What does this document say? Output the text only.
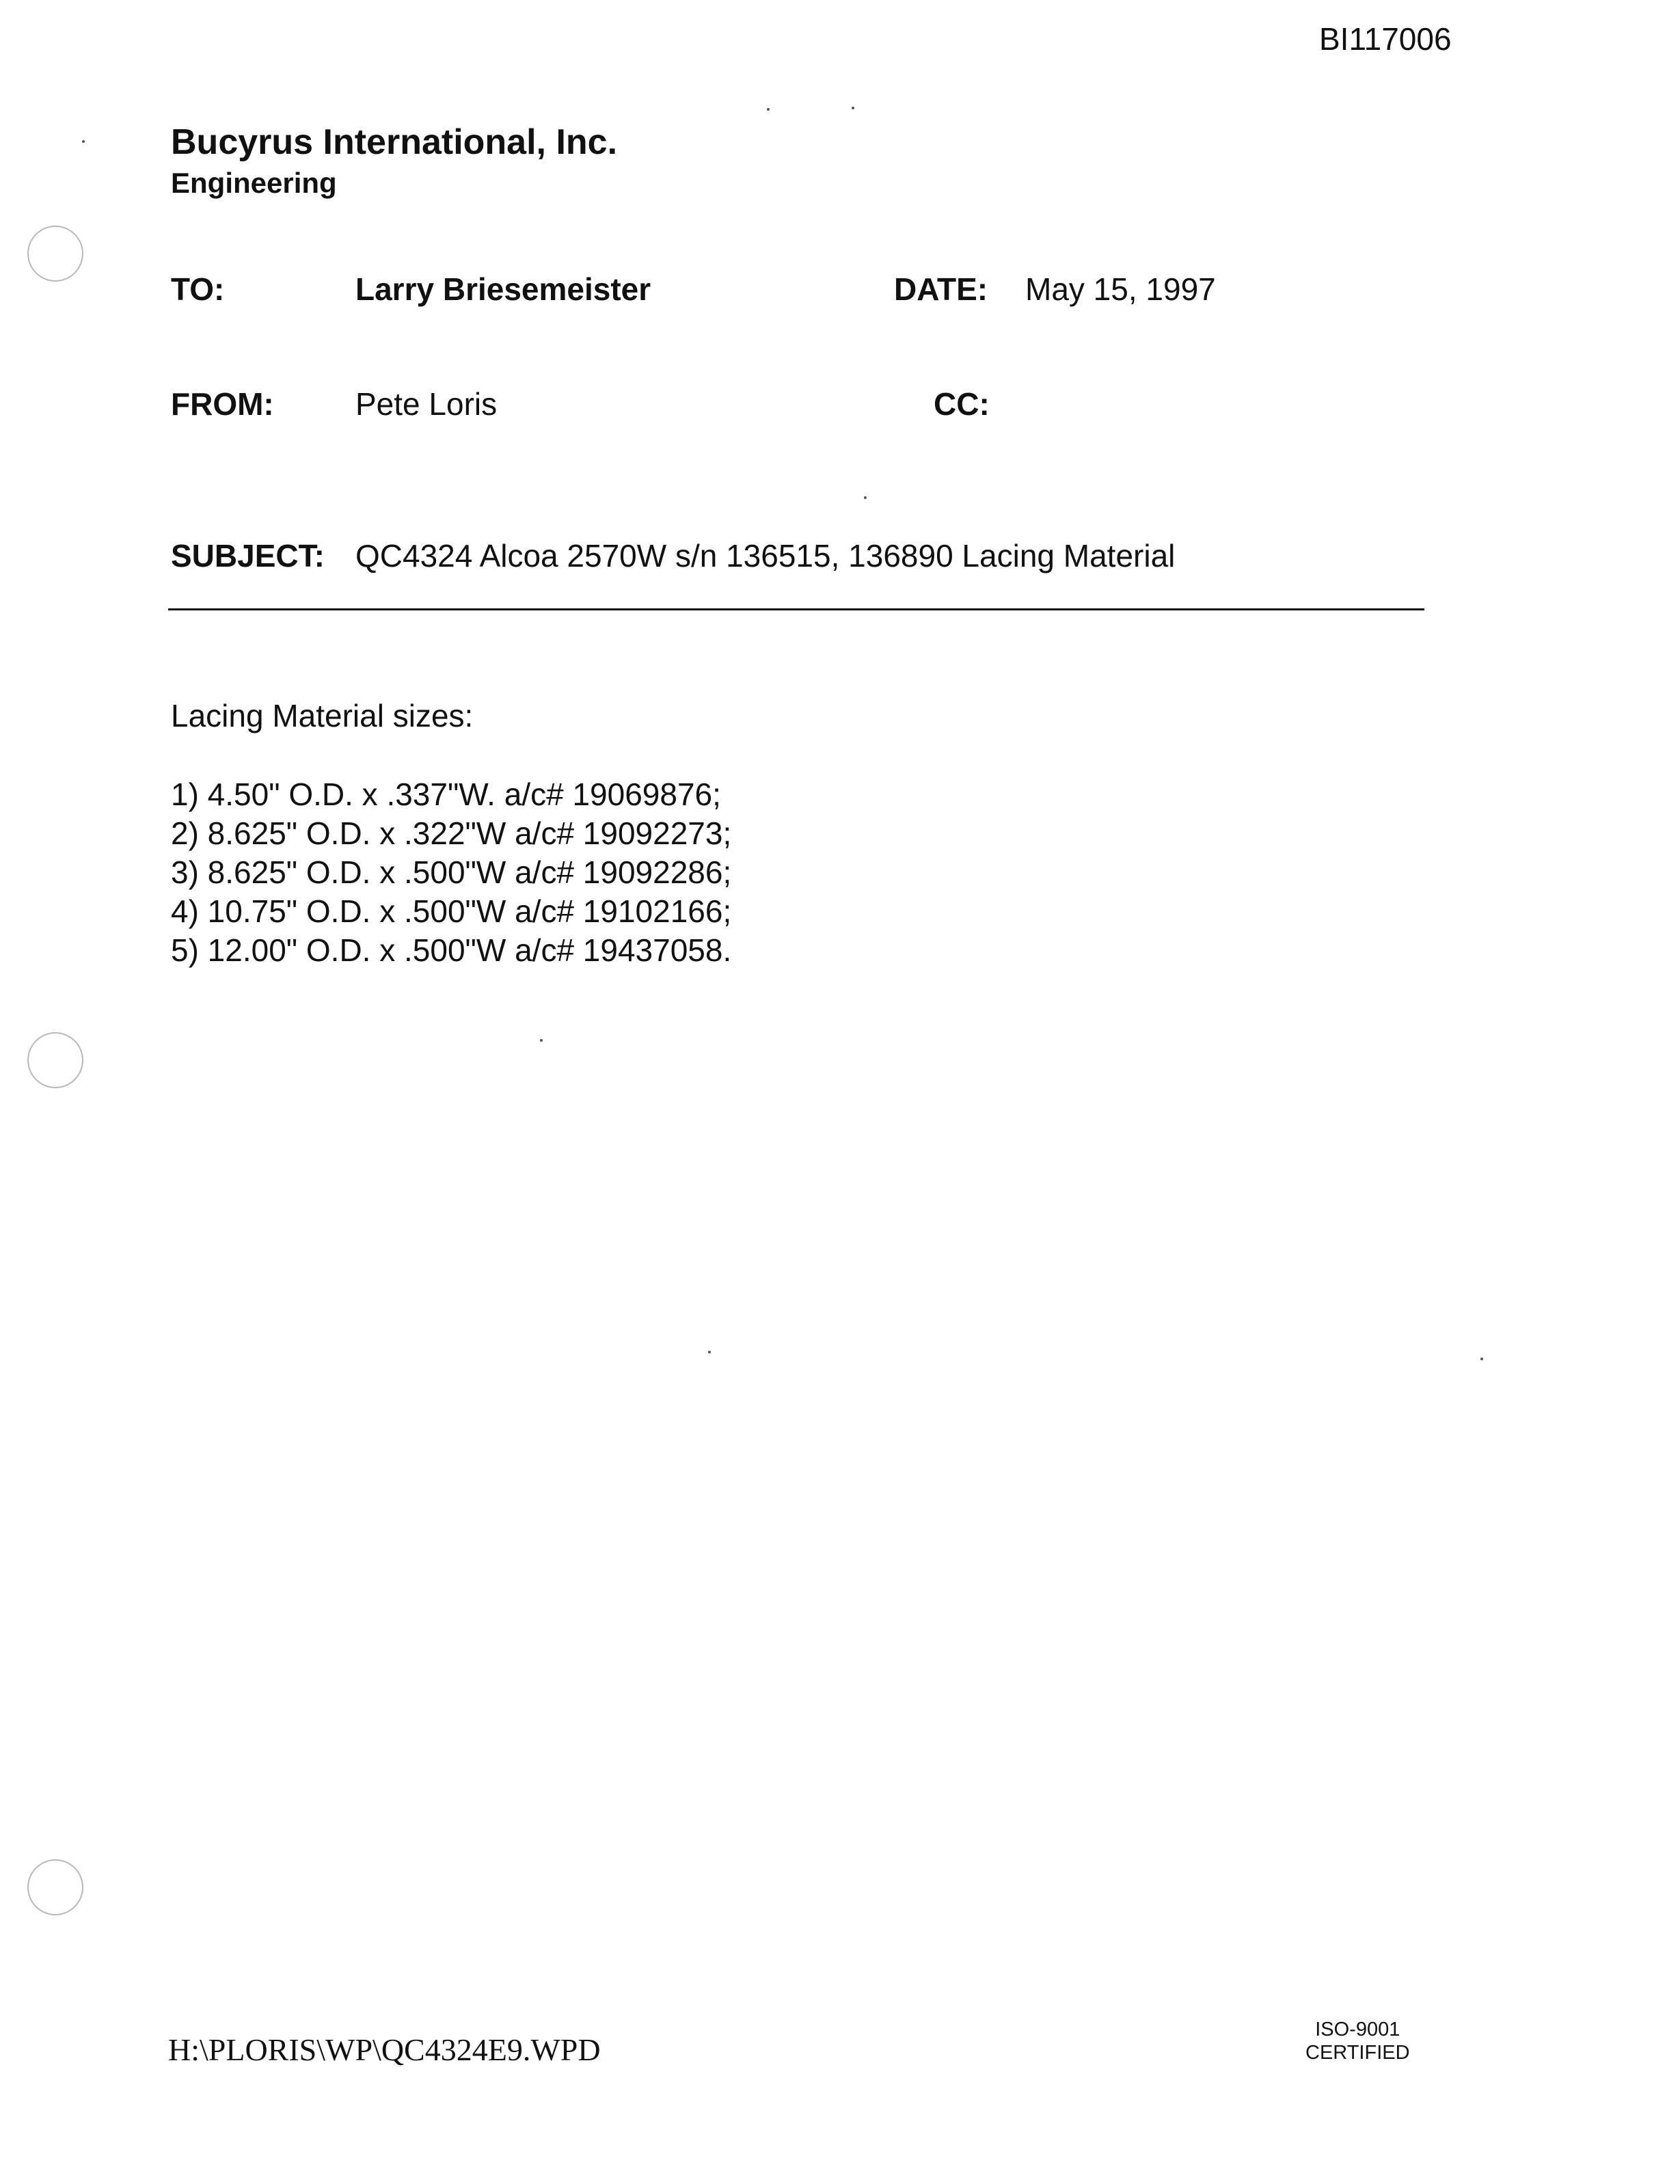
BI117006
Bucyrus International, Inc.
Engineering
TO:	Larry Briesemeister	DATE: May 15, 1997
FROM:	Pete Loris	CC:
SUBJECT: QC4324 Alcoa 2570W s/n 136515, 136890 Lacing Material
Lacing Material sizes:
1) 4.50" O.D. x .337"W. a/c# 19069876;
2) 8.625" O.D. x .322"W a/c# 19092273;
3) 8.625" O.D. x .500"W a/c# 19092286;
4) 10.75" O.D. x .500"W a/c# 19102166;
5) 12.00" O.D. x .500"W a/c# 19437058.
H:\PLORIS\WP\QC4324E9.WPD
ISO-9001
CERTIFIED
